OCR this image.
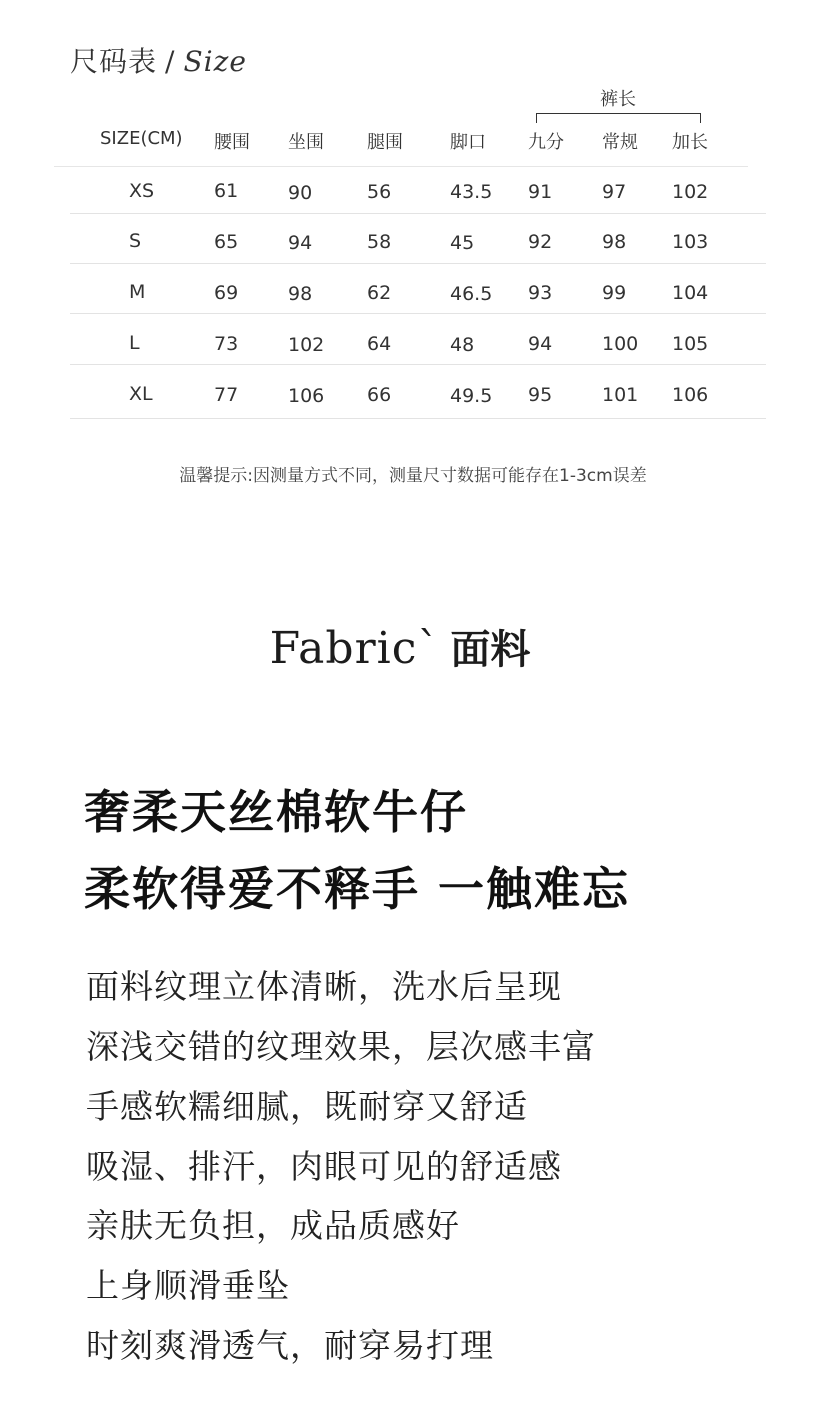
尺码表 / Size
裤长
SIZE(CM) 腰围 坐围 腿围	脚口 九分 常规 加长
XS	61	90	56	43.5 91	97 102
S	65	94	58	45	92	98 103
M	69	98	62	46.5 93	99 104
L	73	102 64	48	94	100 105
XL	77	106 66	49.5 95	101 106
温馨提示:因测量方式不同，测量尺寸数据可能存在1-3cm误差
Fabric` 面料
奢柔天丝棉软牛仔
柔软得爱不释手 一触难忘
面料纹理立体清晰，洗水后呈现
深浅交错的纹理效果，层次感丰富
手感软糯细腻，既耐穿又舒适
吸湿、排汗，肉眼可见的舒适感
亲肤无负担，成品质感好
上身顺滑垂坠
时刻爽滑透气，耐穿易打理
